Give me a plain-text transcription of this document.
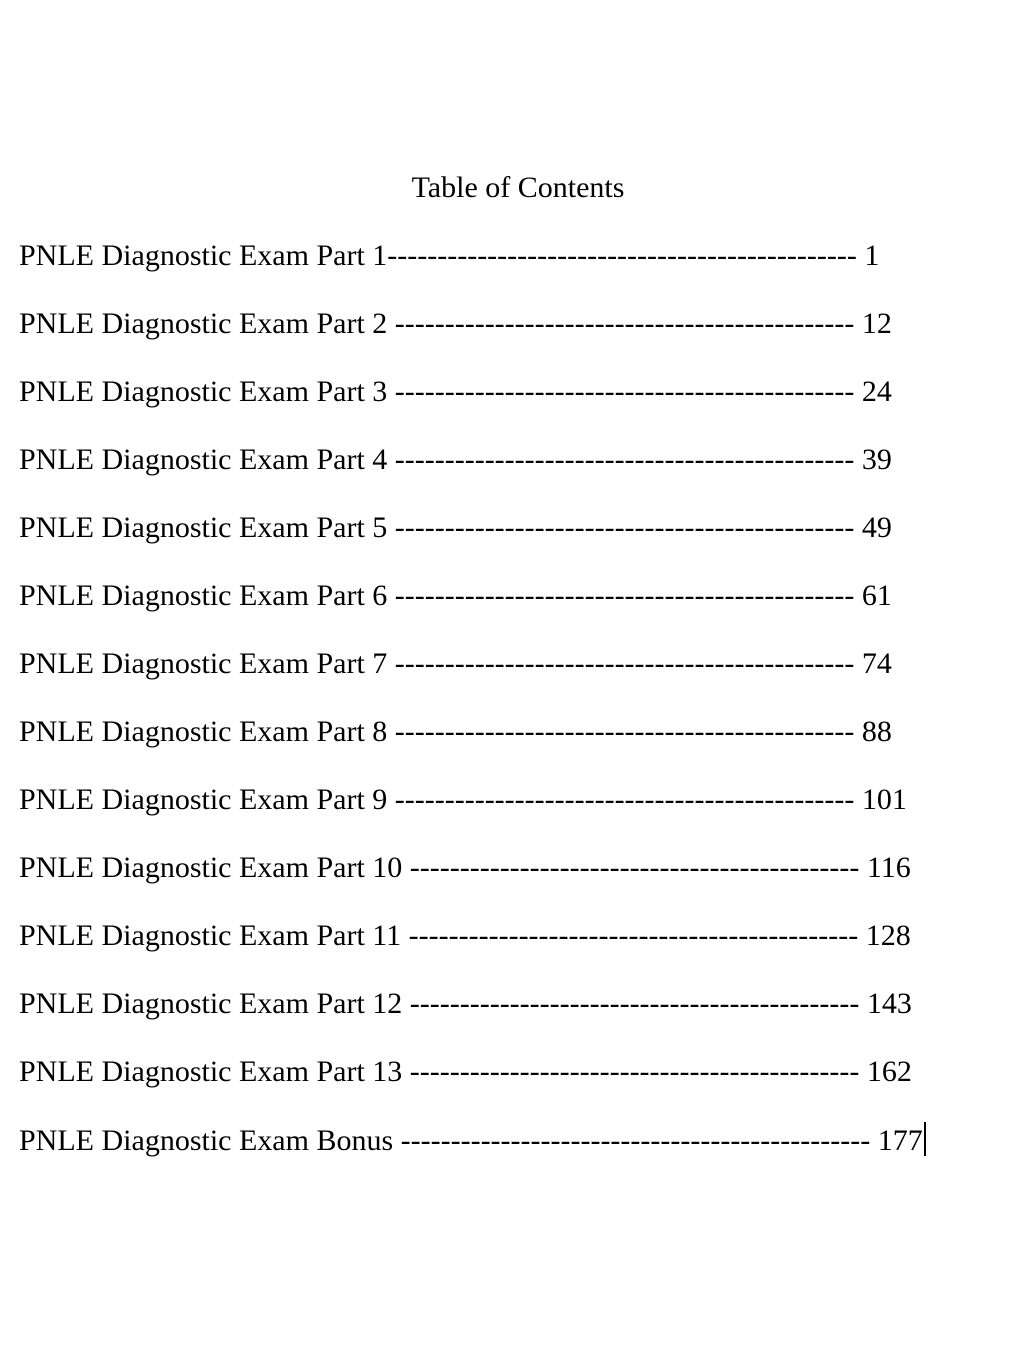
Table of Contents
PNLE Diagnostic Exam Part 1----------------------------------------------- 1
PNLE Diagnostic Exam Part 2 ---------------------------------------------- 12
PNLE Diagnostic Exam Part 3 ---------------------------------------------- 24
PNLE Diagnostic Exam Part 4 ---------------------------------------------- 39
PNLE Diagnostic Exam Part 5 ---------------------------------------------- 49
PNLE Diagnostic Exam Part 6 ---------------------------------------------- 61
PNLE Diagnostic Exam Part 7 ---------------------------------------------- 74
PNLE Diagnostic Exam Part 8 ---------------------------------------------- 88
PNLE Diagnostic Exam Part 9 ---------------------------------------------- 101
PNLE Diagnostic Exam Part 10 --------------------------------------------- 116
PNLE Diagnostic Exam Part 11 --------------------------------------------- 128
PNLE Diagnostic Exam Part 12 --------------------------------------------- 143
PNLE Diagnostic Exam Part 13 --------------------------------------------- 162
PNLE Diagnostic Exam Bonus ----------------------------------------------- 177
